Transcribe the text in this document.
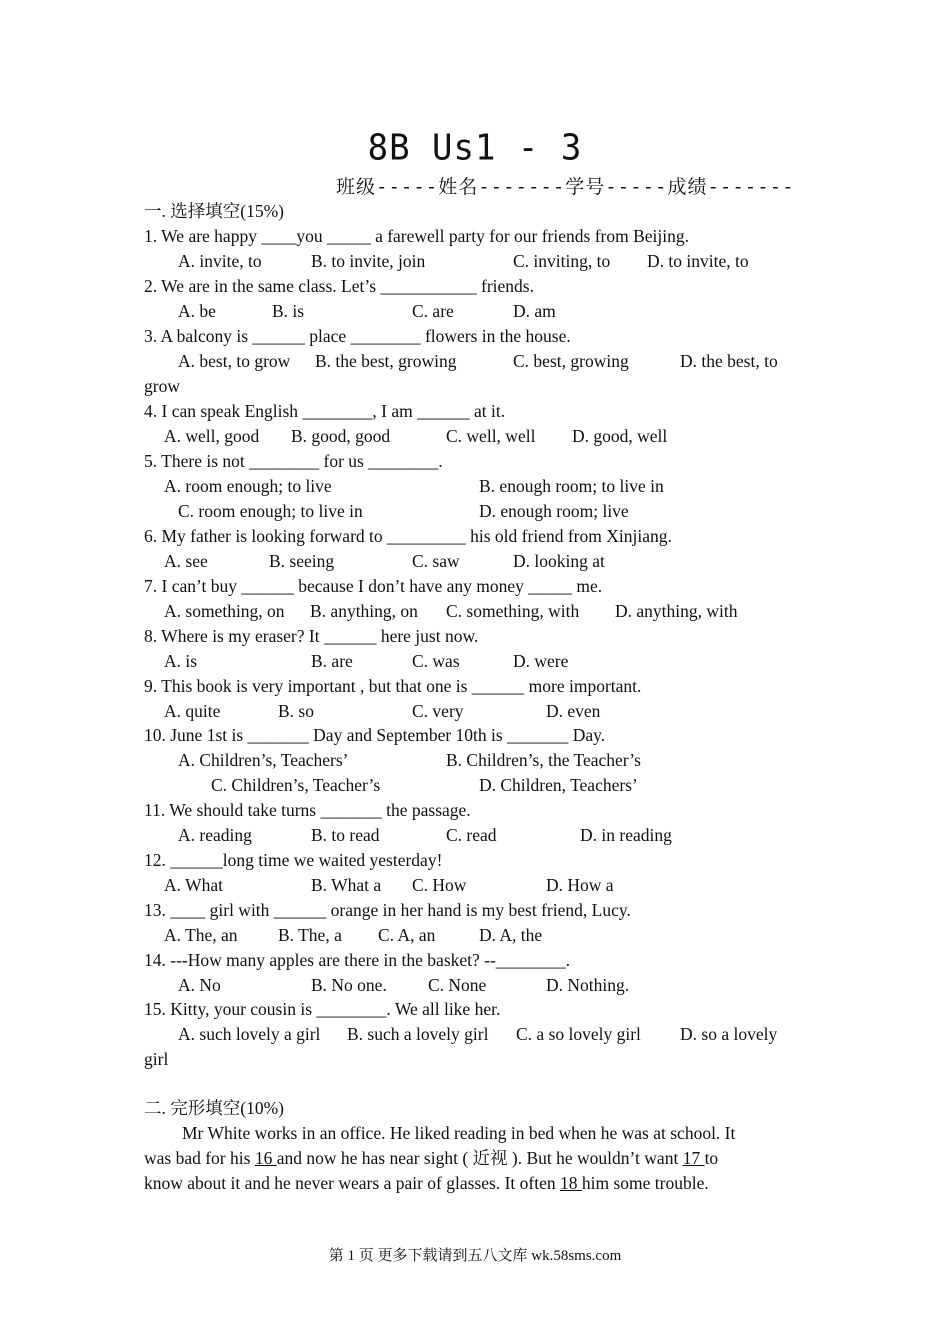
8B Us1 - 3
班级-----姓名-------学号-----成绩-------
一. 选择填空(15%)
1. We are happy ____you _____ a farewell party for our friends from Beijing.
A. invite, to	B. to invite, join	C. inviting, to D. to invite, to
2. We are in the same class. Let’s ___________ friends.
A. be	B. is	C. are	D. am
3. A balcony is ______ place ________ flowers in the house.
A. best, to grow B. the best, growing	C. best, growing	D. the best, to
grow
4. I can speak English ________, I am ______ at it.
A. well, good B. good, good	C. well, well D. good, well
5. There is not ________ for us ________.
A. room enough; to live	B. enough room; to live in
C. room enough; to live in	D. enough room; live
6. My father is looking forward to _________ his old friend from Xinjiang.
A. see	B. seeing	C. saw	D. looking at
7. I can’t buy ______ because I don’t have any money _____ me.
A. something, on B. anything, on C. something, with D. anything, with
8. Where is my eraser? It ______ here just now.
A. is	B. are	C. was	D. were
9. This book is very important , but that one is ______ more important.
A. quite	B. so	C. very	D. even
10. June 1st is _______ Day and September 10th is _______ Day.
A. Children’s, Teachers’	B. Children’s, the Teacher’s
C. Children’s, Teacher’s	D. Children, Teachers’
11. We should take turns _______ the passage.
A. reading	B. to read	C. read	D. in reading
12. ______long time we waited yesterday!
A. What	B. What a C. How	D. How a
13. ____ girl with ______ orange in her hand is my best friend, Lucy.
A. The, an B. The, a C. A, an D. A, the
14. ---How many apples are there in the basket? --________.
A. No	B. No one. C. None	D. Nothing.
15. Kitty, your cousin is ________. We all like her.
A. such lovely a girl B. such a lovely girl C. a so lovely girl D. so a lovely
girl
二. 完形填空(10%)
Mr White works in an office. He liked reading in bed when he was at school. It
was bad for his 16 and now he has near sight ( 近视 ). But he wouldn’t want 17 to
know about it and he never wears a pair of glasses. It often 18 him some trouble.
第 1 页 更多下载请到五八文库 wk.58sms.com
